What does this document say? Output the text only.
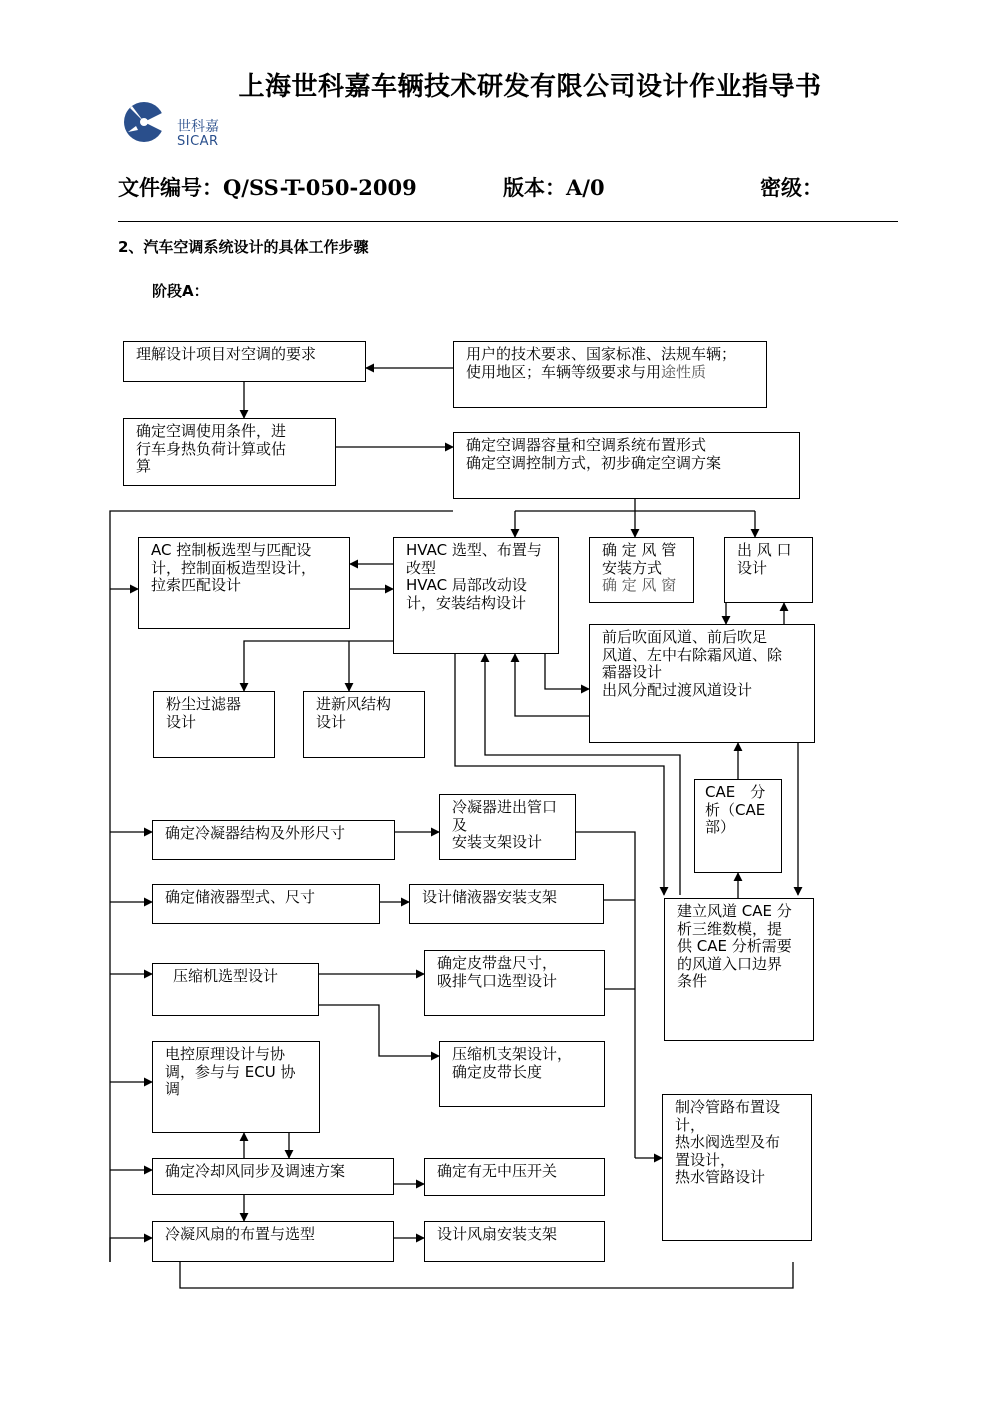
上海世科嘉车辆技术研发有限公司设计作业指导书
世科嘉
SICAR
文件编号：Q/SS-T-050-2009	版本：A/0	密级：
2、汽车空调系统设计的具体工作步骤
阶段A：
理解设计项目对空调的要求	用户的技术要求、国家标准、法规车辆；
使用地区；车辆等级要求与用途性质
确定空调使用条件，进
行车身热负荷计算或估
算
确定空调器容量和空调系统布置形式
确定空调控制方式，初步确定空调方案
AC 控制板选型与匹配设
计，控制面板造型设计，
拉索匹配设计
HVAC 选型、布置与
改型
HVAC 局部改动设
计，安装结构设计
确 定 风 管
安装方式
确 定 风 窗
出 风 口
设计
前后吹面风道、前后吹足
风道、左中右除霜风道、除
霜器设计
出风分配过渡风道设计
粉尘过滤器
设计
进新风结构
设计
CAE　分
析（CAE
部）
确定冷凝器结构及外形尺寸
冷凝器进出管口及
安装支架设计
确定储液器型式、尺寸	设计储液器安装支架
建立风道 CAE 分
析三维数模，提
供 CAE 分析需要
的风道入口边界
条件
压缩机选型设计
确定皮带盘尺寸，
吸排气口选型设计
压缩机支架设计，
确定皮带长度
电控原理设计与协
调，参与与 ECU 协
调
制冷管路布置设
计，
热水阀选型及布
置设计，
热水管路设计
确定冷却风同步及调速方案	确定有无中压开关
冷凝风扇的布置与选型	设计风扇安装支架
